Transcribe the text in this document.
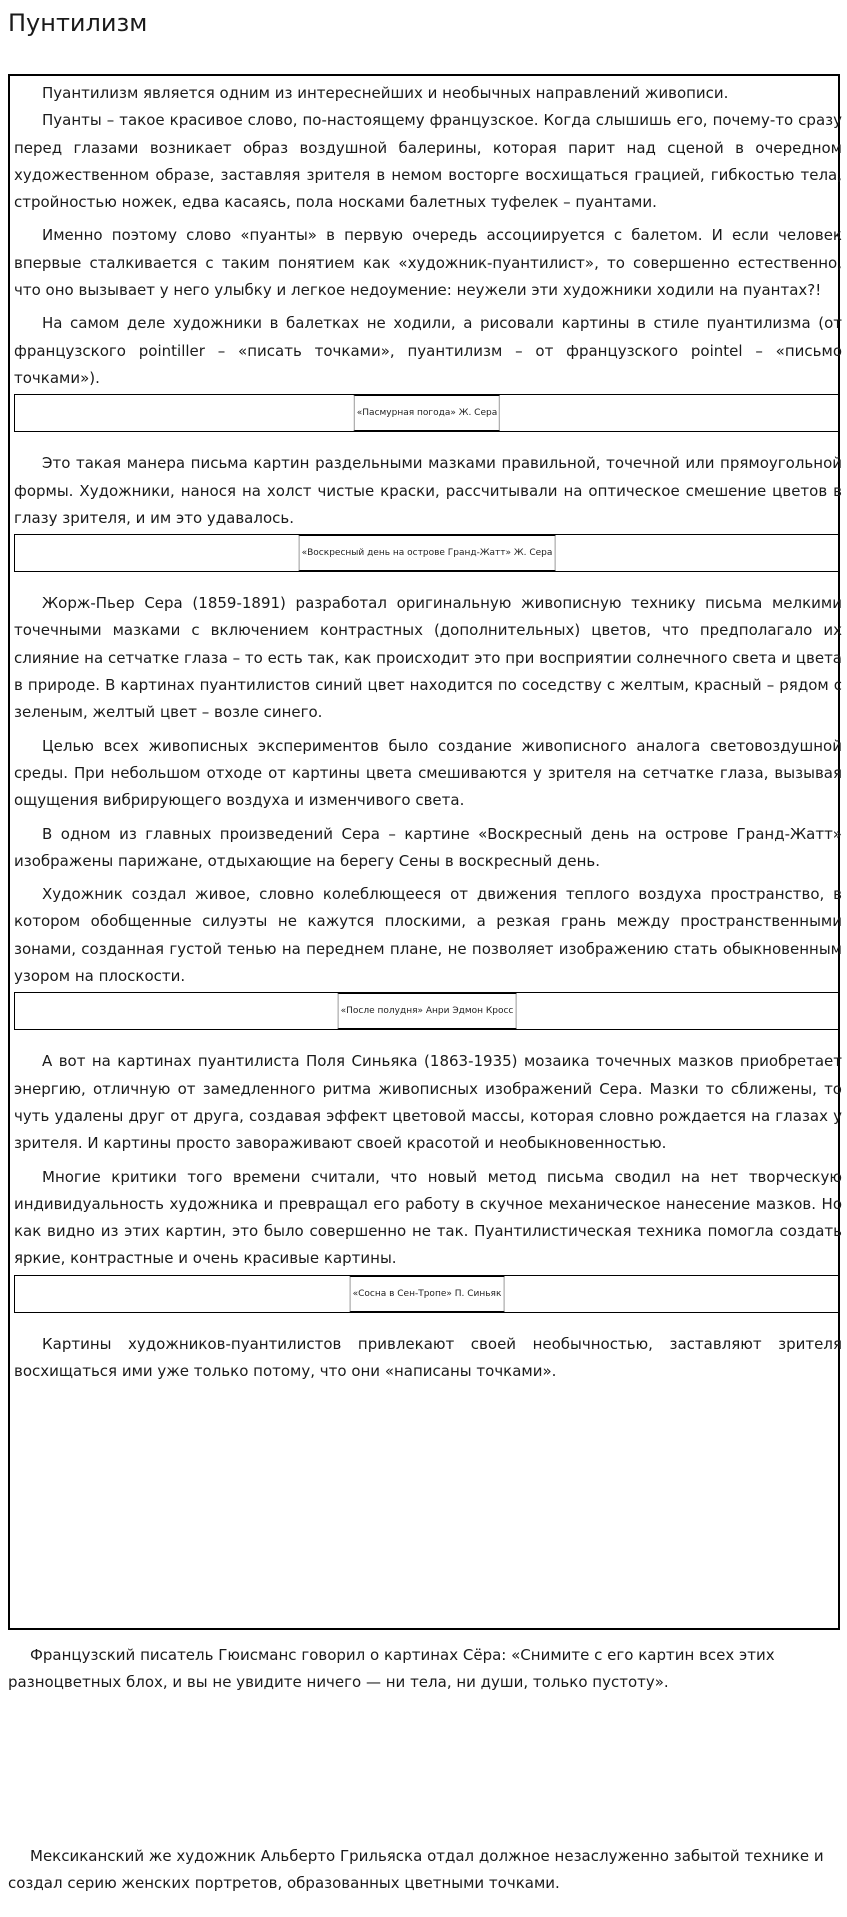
Пунтилизм

Пуантилизм является одним из интереснейших и необычных направлений живописи.

Пуанты – такое красивое слово, по-настоящему французское. Когда слышишь его, почему-то сразу перед глазами возникает образ воздушной балерины, которая парит над сценой в очередном художественном образе, заставляя зрителя в немом восторге восхищаться грацией, гибкостью тела, стройностью ножек, едва касаясь, пола носками балетных туфелек – пуантами.

Именно поэтому слово «пуанты» в первую очередь ассоциируется с балетом. И если человек впервые сталкивается с таким понятием как «художник-пуантилист», то совершенно естественно, что оно вызывает у него улыбку и легкое недоумение: неужели эти художники ходили на пуантах?!

На самом деле художники в балетках не ходили, а рисовали картины в стиле пуантилизма (от французского pointiller – «писать точками», пуантилизм – от французского pointel – «письмо точками»).

«Пасмурная погода» Ж. Сера

Это такая манера письма картин раздельными мазками правильной, точечной или прямоугольной формы. Художники, нанося на холст чистые краски, рассчитывали на оптическое смешение цветов в глазу зрителя, и им это удавалось.

«Воскресный день на острове Гранд-Жатт» Ж. Сера

Жорж-Пьер Сера (1859-1891) разработал оригинальную живописную технику письма мелкими точечными мазками с включением контрастных (дополнительных) цветов, что предполагало их слияние на сетчатке глаза – то есть так, как происходит это при восприятии солнечного света и цвета в природе. В картинах пуантилистов синий цвет находится по соседству с желтым, красный – рядом с зеленым, желтый цвет – возле синего.

Целью всех живописных экспериментов было создание живописного аналога световоздушной среды. При небольшом отходе от картины цвета смешиваются у зрителя на сетчатке глаза, вызывая ощущения вибрирующего воздуха и изменчивого света.

В одном из главных произведений Сера – картине «Воскресный день на острове Гранд-Жатт» изображены парижане, отдыхающие на берегу Сены в воскресный день.

Художник создал живое, словно колеблющееся от движения теплого воздуха пространство, в котором обобщенные силуэты не кажутся плоскими, а резкая грань между пространственными зонами, созданная густой тенью на переднем плане, не позволяет изображению стать обыкновенным узором на плоскости.

«После полудня» Анри Эдмон Кросс

А вот на картинах пуантилиста Поля Синьяка (1863-1935) мозаика точечных мазков приобретает энергию, отличную от замедленного ритма живописных изображений Сера. Мазки то сближены, то чуть удалены друг от друга, создавая эффект цветовой массы, которая словно рождается на глазах у зрителя. И картины просто завораживают своей красотой и необыкновенностью.

Многие критики того времени считали, что новый метод письма сводил на нет творческую индивидуальность художника и превращал его работу в скучное механическое нанесение мазков. Но как видно из этих картин, это было совершенно не так. Пуантилистическая техника помогла создать яркие, контрастные и очень красивые картины.

«Сосна в Сен-Тропе» П. Синьяк

Картины художников-пуантилистов привлекают своей необычностью, заставляют зрителя восхищаться ими уже только потому, что они «написаны точками».

Французский писатель Гюисманс говорил о картинах Сёра: «Снимите с его картин всех этих разноцветных блох, и вы не увидите ничего — ни тела, ни души, только пустоту».

Мексиканский же художник Альберто Грильяска отдал должное незаслуженно забытой технике и создал серию женских портретов, образованных цветными точками.
